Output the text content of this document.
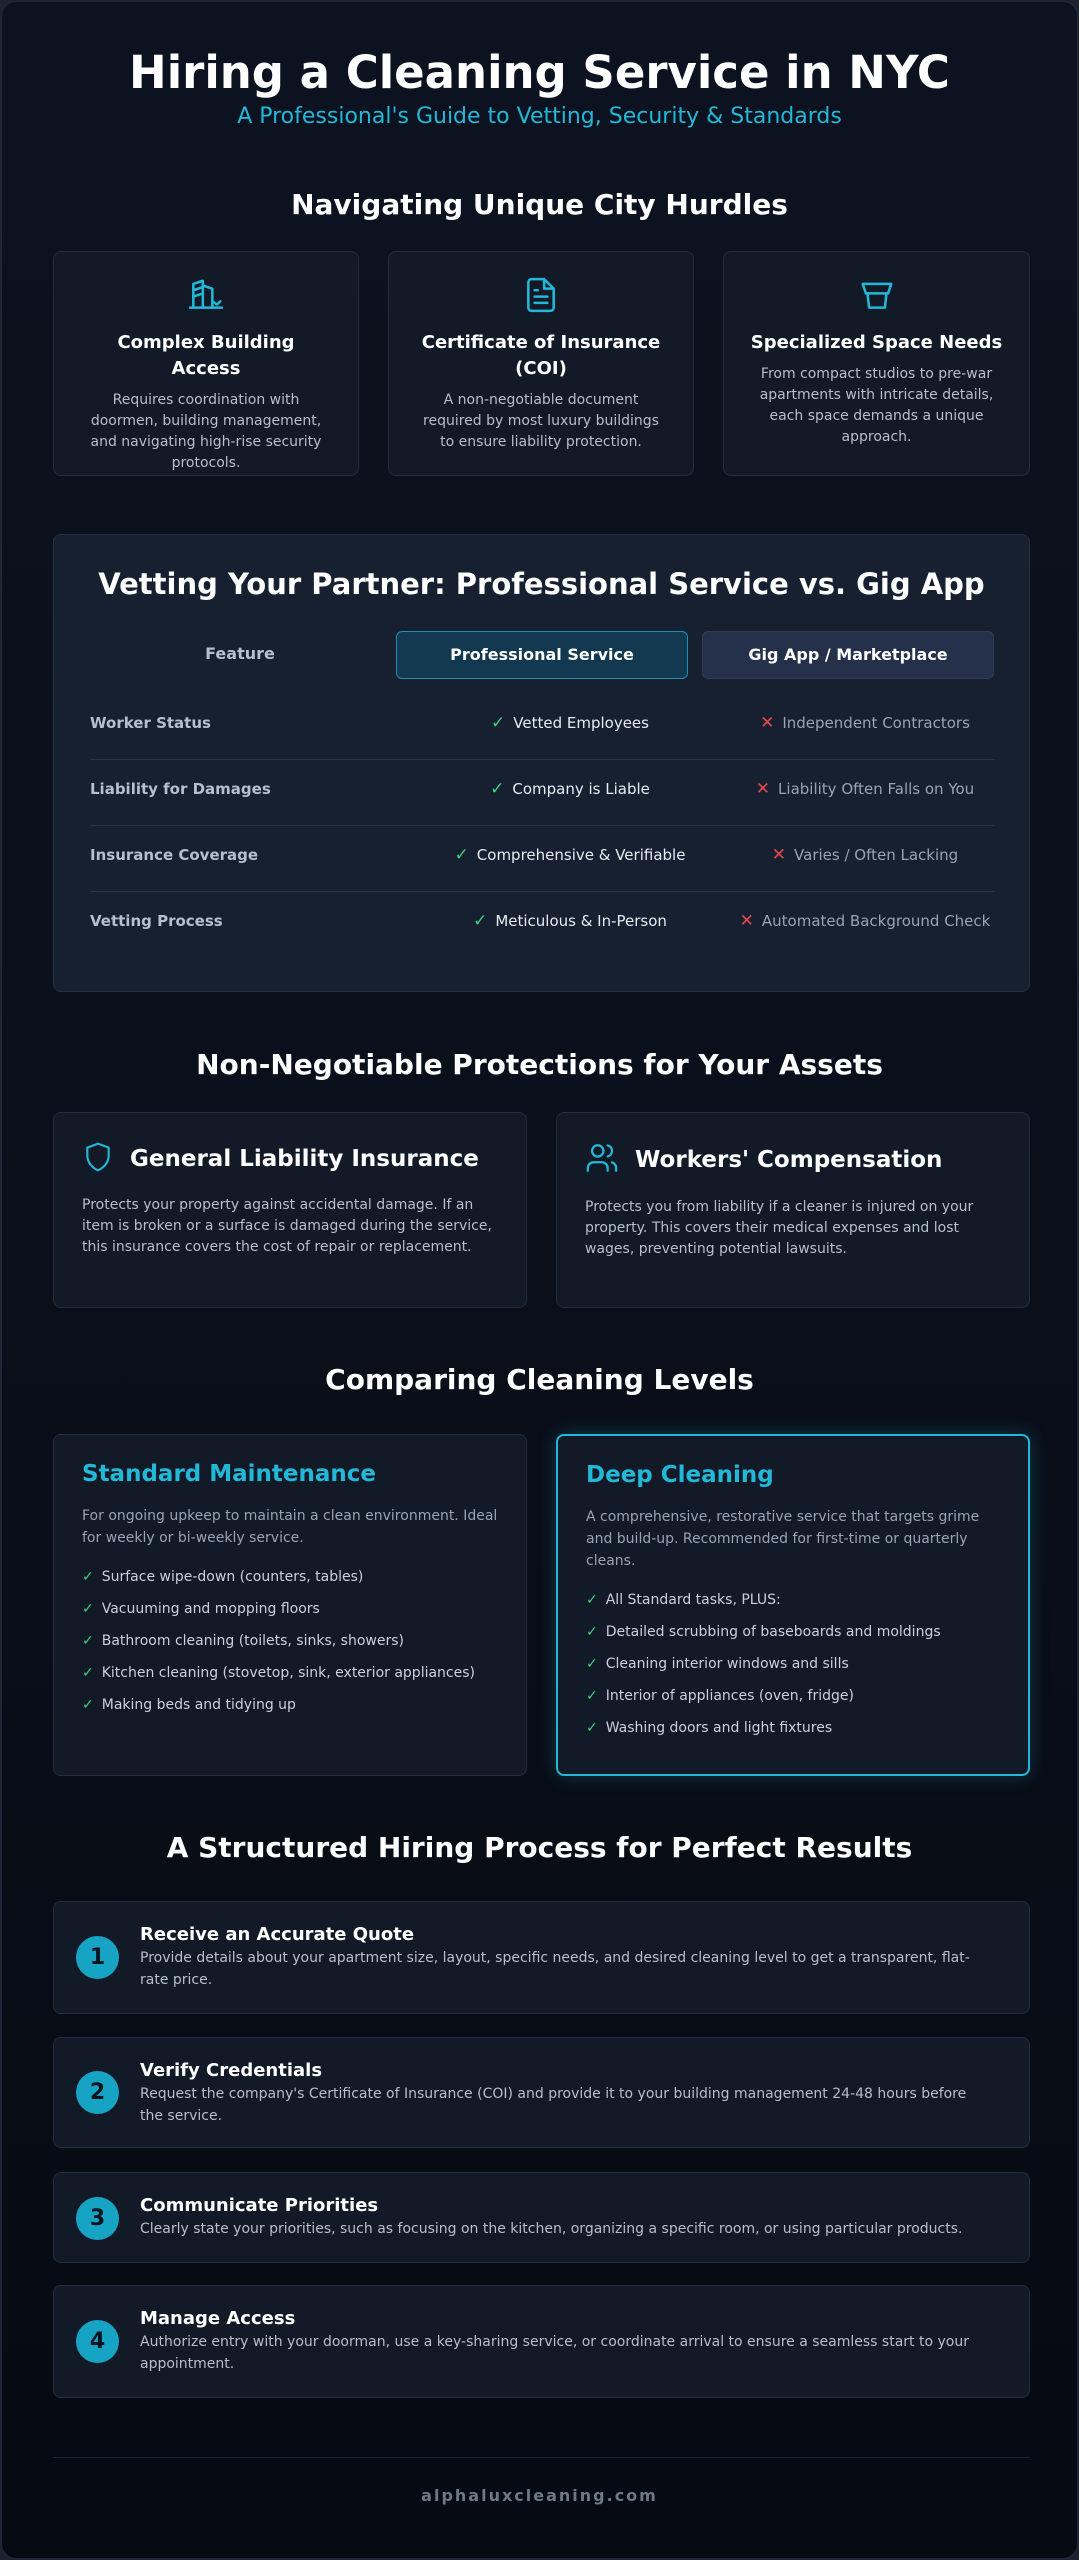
Hiring a Cleaning Service in NYC
A Professional's Guide to Vetting, Security & Standards
Navigating Unique City Hurdles
Complex Building Access
Requires coordination with doormen, building management, and navigating high-rise security protocols.
Certificate of Insurance (COI)
A non-negotiable document required by most luxury buildings to ensure liability protection.
Specialized Space Needs
From compact studios to pre-war apartments with intricate details, each space demands a unique approach.
Vetting Your Partner: Professional Service vs. Gig App
Feature	Professional Service	Gig App / Marketplace
Worker Status	✓ Vetted Employees	✕ Independent Contractors
Liability for Damages	✓ Company is Liable	✕ Liability Often Falls on You
Insurance Coverage	✓ Comprehensive & Verifiable	✕ Varies / Often Lacking
Vetting Process	✓ Meticulous & In-Person	✕ Automated Background Check
Non-Negotiable Protections for Your Assets
General Liability Insurance
Protects your property against accidental damage. If an item is broken or a surface is damaged during the service, this insurance covers the cost of repair or replacement.
Workers' Compensation
Protects you from liability if a cleaner is injured on your property. This covers their medical expenses and lost wages, preventing potential lawsuits.
Comparing Cleaning Levels
Standard Maintenance
For ongoing upkeep to maintain a clean environment. Ideal for weekly or bi-weekly service.
✓ Surface wipe-down (counters, tables)
✓ Vacuuming and mopping floors
✓ Bathroom cleaning (toilets, sinks, showers)
✓ Kitchen cleaning (stovetop, sink, exterior appliances)
✓ Making beds and tidying up
Deep Cleaning
A comprehensive, restorative service that targets grime and build-up. Recommended for first-time or quarterly cleans.
✓ All Standard tasks, PLUS:
✓ Detailed scrubbing of baseboards and moldings
✓ Cleaning interior windows and sills
✓ Interior of appliances (oven, fridge)
✓ Washing doors and light fixtures
A Structured Hiring Process for Perfect Results
1
Receive an Accurate Quote
Provide details about your apartment size, layout, specific needs, and desired cleaning level to get a transparent, flat-rate price.
2
Verify Credentials
Request the company's Certificate of Insurance (COI) and provide it to your building management 24-48 hours before the service.
3
Communicate Priorities
Clearly state your priorities, such as focusing on the kitchen, organizing a specific room, or using particular products.
4
Manage Access
Authorize entry with your doorman, use a key-sharing service, or coordinate arrival to ensure a seamless start to your appointment.
alphaluxcleaning.com
